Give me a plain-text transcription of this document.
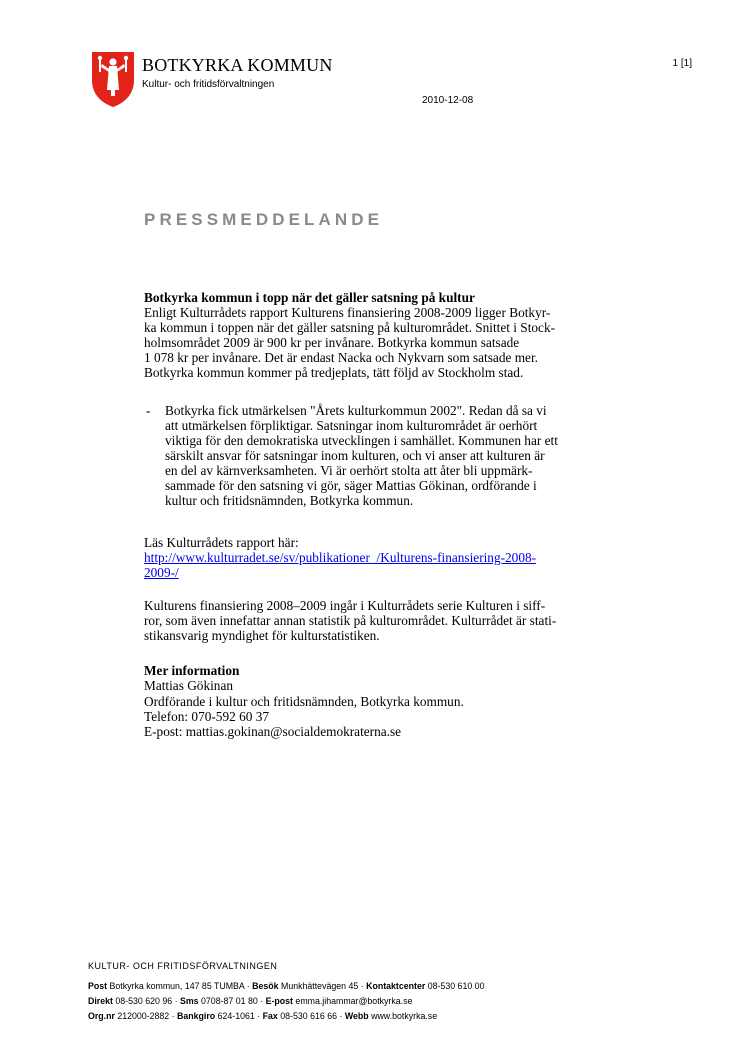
BOTKYRKA KOMMUN
Kultur- och fritidsförvaltningen
1 [1]
2010-12-08
PRESSMEDDELANDE
Botkyrka kommun i topp när det gäller satsning på kultur
Enligt Kulturrådets rapport Kulturens finansiering 2008-2009 ligger Botkyr-
ka kommun i toppen när det gäller satsning på kulturområdet. Snittet i Stock-
holmsområdet 2009 är 900 kr per invånare. Botkyrka kommun satsade
1 078 kr per invånare. Det är endast Nacka och Nykvarn som satsade mer.
Botkyrka kommun kommer på tredjeplats, tätt följd av Stockholm stad.
- Botkyrka fick utmärkelsen "Årets kulturkommun 2002". Redan då sa vi
att utmärkelsen förpliktigar. Satsningar inom kulturområdet är oerhört
viktiga för den demokratiska utvecklingen i samhället. Kommunen har ett
särskilt ansvar för satsningar inom kulturen, och vi anser att kulturen är
en del av kärnverksamheten. Vi är oerhört stolta att åter bli uppmärk-
sammade för den satsning vi gör, säger Mattias Gökinan, ordförande i
kultur och fritidsnämnden, Botkyrka kommun.
Läs Kulturrådets rapport här:
http://www.kulturradet.se/sv/publikationer_/Kulturens-finansiering-2008-
2009-/
Kulturens finansiering 2008–2009 ingår i Kulturrådets serie Kulturen i siff-
ror, som även innefattar annan statistik på kulturområdet. Kulturrådet är stati-
stikansvarig myndighet för kulturstatistiken.
Mer information
Mattias Gökinan
Ordförande i kultur och fritidsnämnden, Botkyrka kommun.
Telefon: 070-592 60 37
E-post: mattias.gokinan@socialdemokraterna.se
KULTUR- OCH FRITIDSFÖRVALTNINGEN
Post Botkyrka kommun, 147 85 TUMBA · Besök Munkhättevägen 45 · Kontaktcenter 08-530 610 00
Direkt 08-530 620 96 · Sms 0708-87 01 80 · E-post emma.jihammar@botkyrka.se
Org.nr 212000-2882 · Bankgiro 624-1061 · Fax 08-530 616 66 · Webb www.botkyrka.se
